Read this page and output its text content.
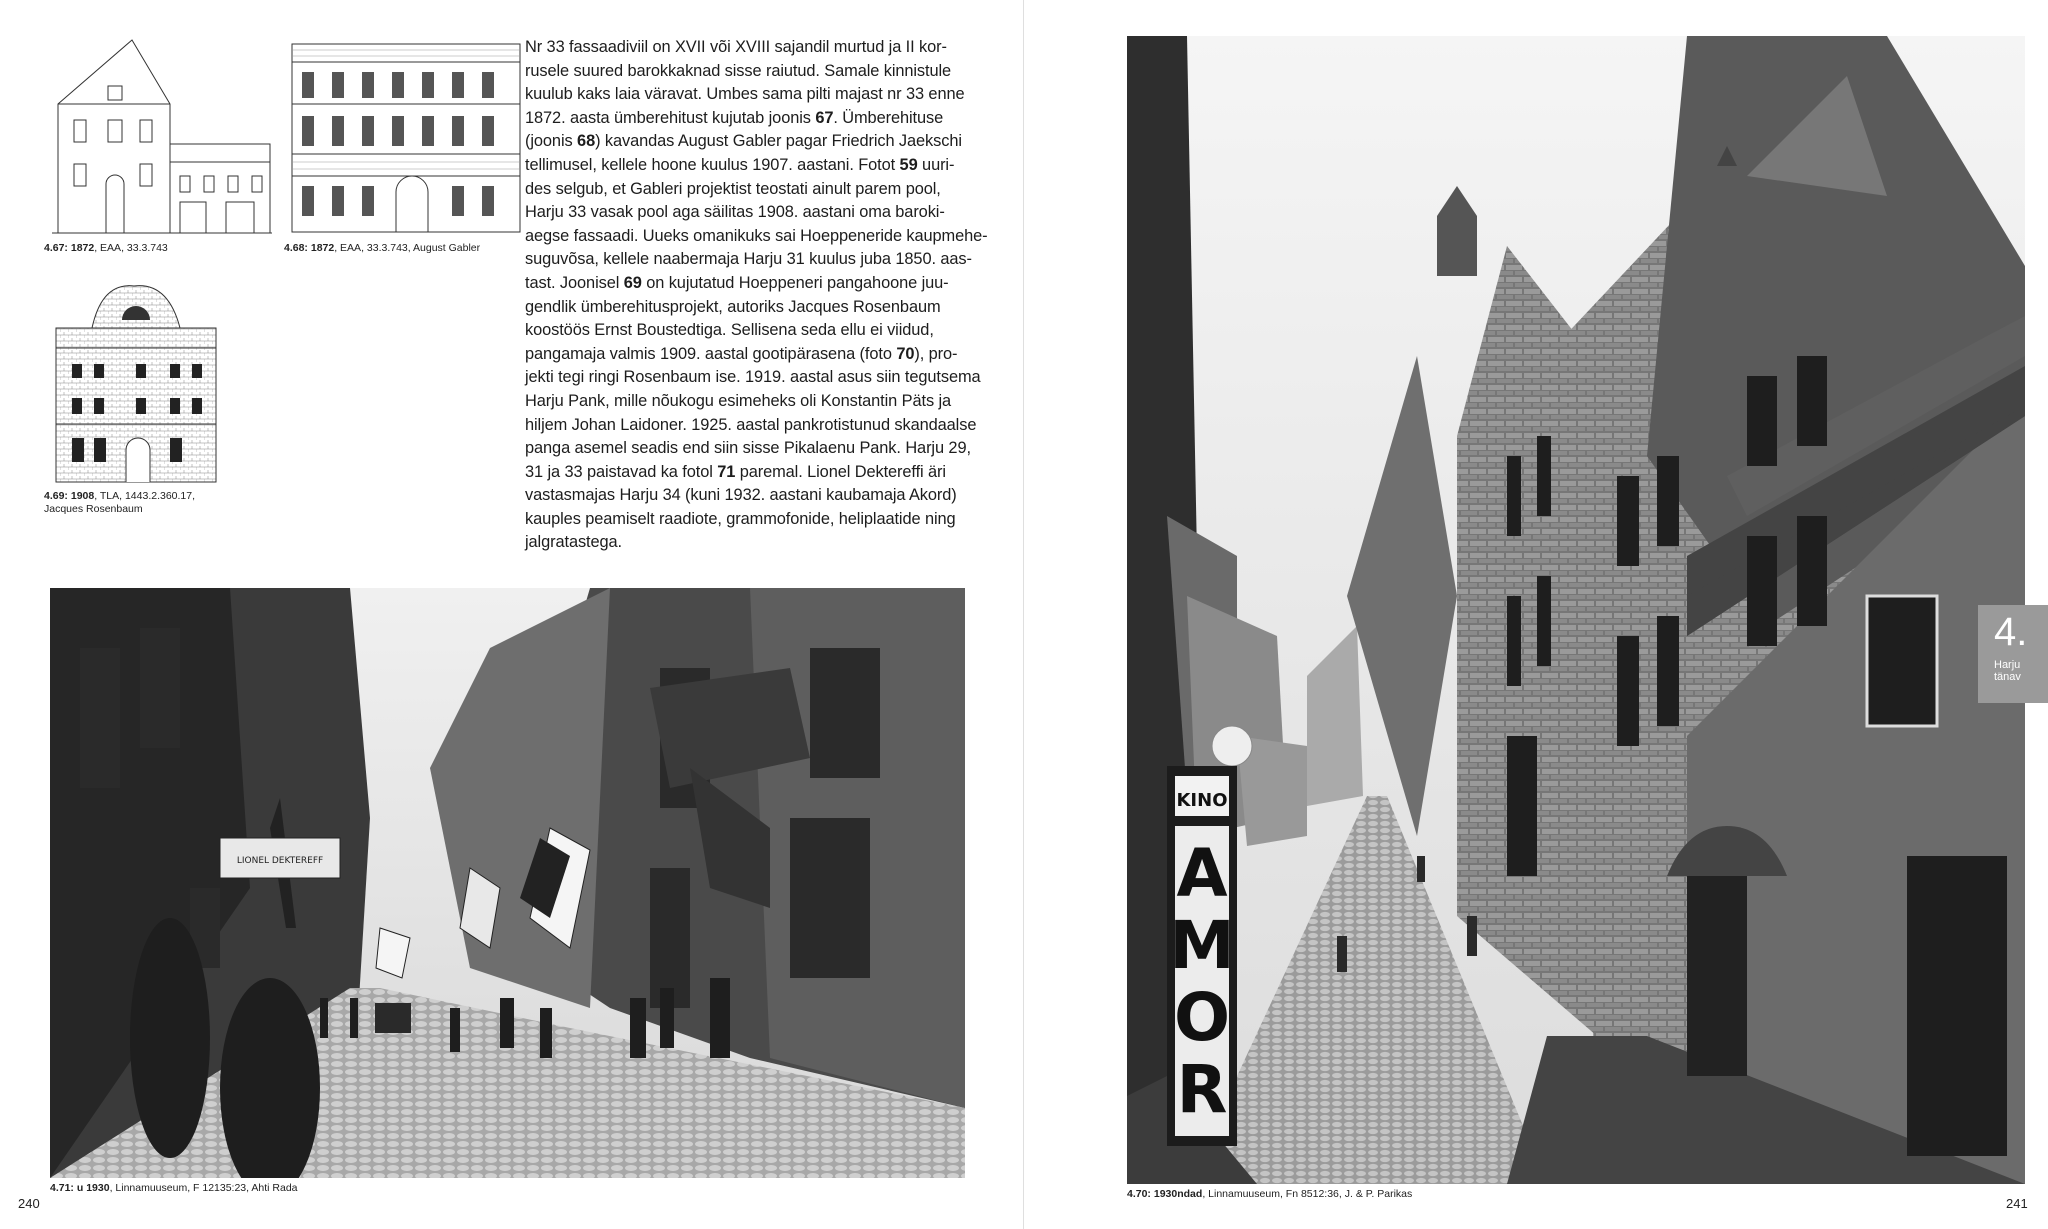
4.67: 1872, EAA, 33.3.743	4.68: 1872, EAA, 33.3.743, August Gabler
4.69: 1908, TLA, 1443.2.360.17,
Jacques Rosenbaum
Nr 33 fassaadiviil on XVII või XVIII sajandil murtud ja II kor-
rusele suured barokkaknad sisse raiutud. Samale kinnistule
kuulub kaks laia väravat. Umbes sama pilti majast nr 33 enne
1872. aasta ümberehitust kujutab joonis 67. Ümberehituse
(joonis 68) kavandas August Gabler pagar Friedrich Jaekschi
tellimusel, kellele hoone kuulus 1907. aastani. Fotot 59 uuri-
des selgub, et Gableri projektist teostati ainult parem pool,
Harju 33 vasak pool aga säilitas 1908. aastani oma baroki-
aegse fassaadi. Uueks omanikuks sai Hoeppeneride kaupmehe-
suguvõsa, kellele naabermaja Harju 31 kuulus juba 1850. aas-
tast. Joonisel 69 on kujutatud Hoeppeneri pangahoone juu-
gendlik ümberehitusprojekt, autoriks Jacques Rosenbaum
koostöös Ernst Boustedtiga. Sellisena seda ellu ei viidud,
pangamaja valmis 1909. aastal gootipärasena (foto 70), pro-
jekti tegi ringi Rosenbaum ise. 1919. aastal asus siin tegutsema
Harju Pank, mille nõukogu esimeheks oli Konstantin Päts ja
hiljem Johan Laidoner. 1925. aastal pankrotistunud skandaalse
panga asemel seadis end siin sisse Pikalaenu Pank. Harju 29,
31 ja 33 paistavad ka fotol 71 paremal. Lionel Dektereffi äri
vastasmajas Harju 34 (kuni 1932. aastani kaubamaja Akord)
kauples peamiselt raadiote, grammofonide, heliplaatide ning
jalgratastega.
LIONEL DEKTEREFF
4.71: u 1930, Linnamuuseum, F 12135:23, Ahti Rada
240
KINO
A
M
O
R
4.70: 1930ndad, Linnamuuseum, Fn 8512:36, J. & P. Parikas
241
4.
Harju
tänav
